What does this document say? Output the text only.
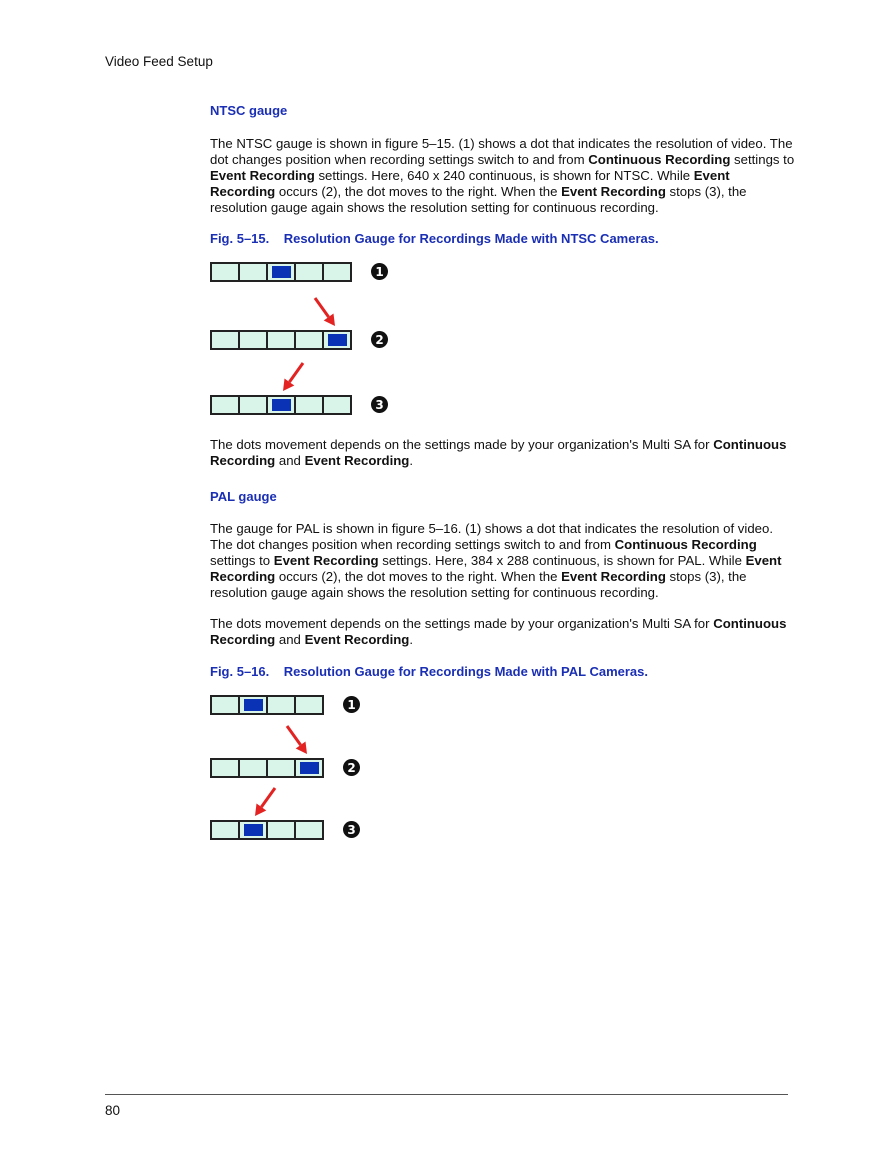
Video Feed Setup
NTSC gauge

The NTSC gauge is shown in figure 5–15. (1) shows a dot that indicates the resolution of video. The dot changes position when recording settings switch to and from Continuous Recording settings to Event Recording settings. Here, 640 x 240 continuous, is shown for NTSC. While Event Recording occurs (2), the dot moves to the right. When the Event Recording stops (3), the resolution gauge again shows the resolution setting for continuous recording.

Fig. 5–15.    Resolution Gauge for Recordings Made with NTSC Cameras.
1
2
3

The dots movement depends on the settings made by your organization's Multi SA for Continuous Recording and Event Recording.

PAL gauge

The gauge for PAL is shown in figure 5–16. (1) shows a dot that indicates the resolution of video. The dot changes position when recording settings switch to and from Continuous Recording settings to Event Recording settings. Here, 384 x 288 continuous, is shown for PAL. While Event Recording occurs (2), the dot moves to the right. When the Event Recording stops (3), the resolution gauge again shows the resolution setting for continuous recording.

The dots movement depends on the settings made by your organization's Multi SA for Continuous Recording and Event Recording.

Fig. 5–16.    Resolution Gauge for Recordings Made with PAL Cameras.
1
2
3
80
